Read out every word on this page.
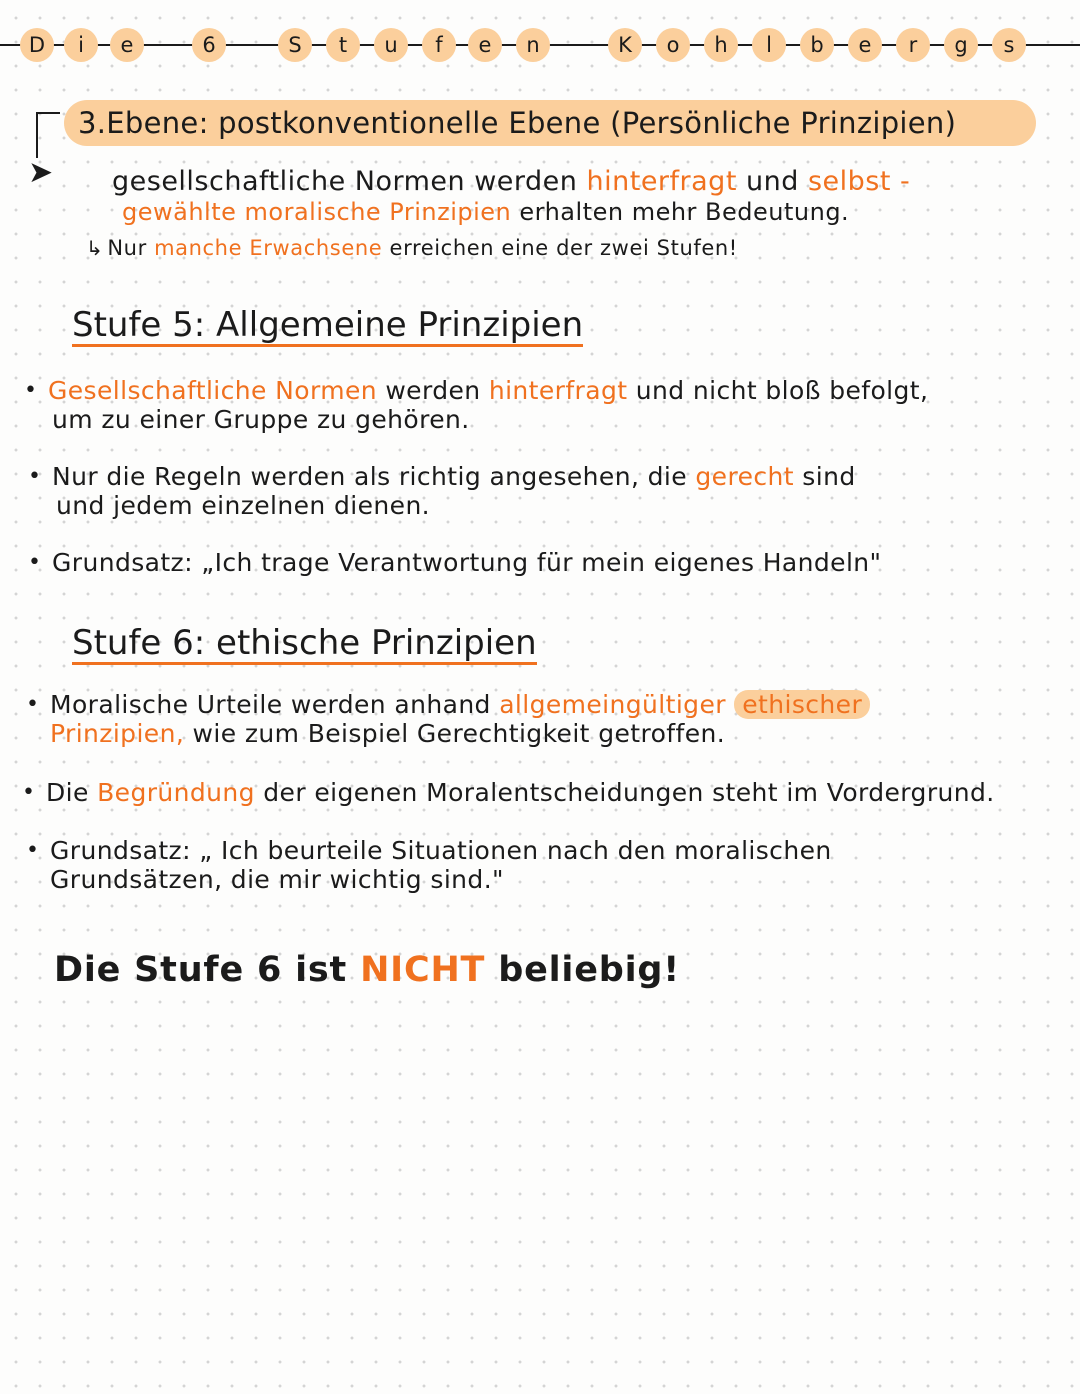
D	i	e	6	S	t	u	f	e	n	K	o	h	l	b	e	r	g	s
➤
3.Ebene: postkonventionelle Ebene (Persönliche Prinzipien)
gesellschaftliche Normen werden hinterfragt und selbst -
gewählte moralische Prinzipien erhalten mehr Bedeutung.
↳ Nur manche Erwachsene erreichen eine der zwei Stufen!
Stufe 5: Allgemeine Prinzipien
• Gesellschaftliche Normen werden hinterfragt und nicht bloß befolgt,
um zu einer Gruppe zu gehören.
• Nur die Regeln werden als richtig angesehen, die gerecht sind
und jedem einzelnen dienen.
• Grundsatz: „Ich trage Verantwortung für mein eigenes Handeln"
Stufe 6: ethische Prinzipien
• Moralische Urteile werden anhand allgemeingültiger ethischer
Prinzipien, wie zum Beispiel Gerechtigkeit getroffen.
• Die Begründung der eigenen Moralentscheidungen steht im Vordergrund.
• Grundsatz: „ Ich beurteile Situationen nach den moralischen
Grundsätzen, die mir wichtig sind."
Die Stufe 6 ist NICHT beliebig!
